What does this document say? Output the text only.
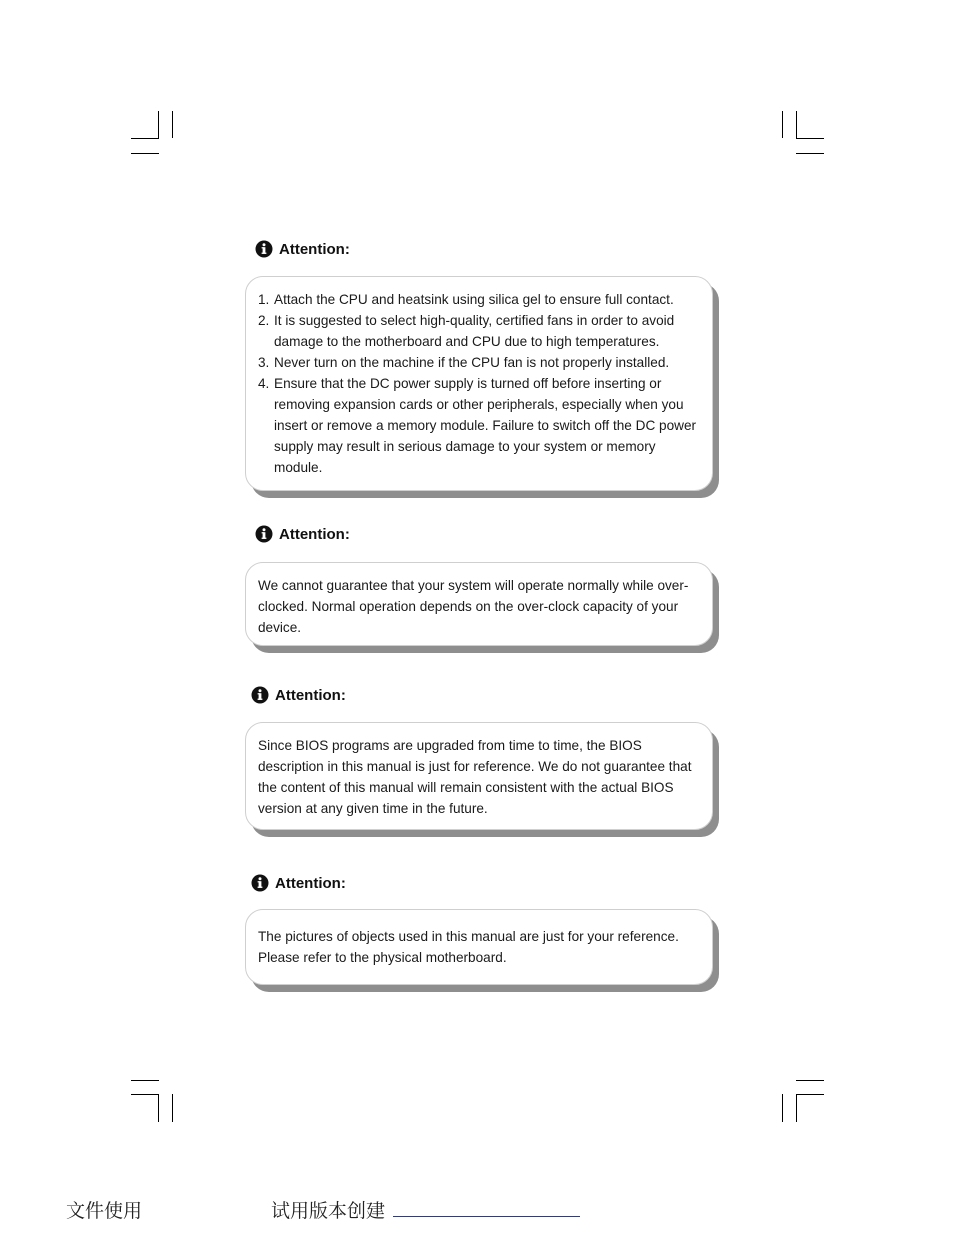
Attention:
1. Attach the CPU and heatsink using silica gel to ensure full contact.
2. It is suggested to select high-quality, certified fans in order to avoid damage to the motherboard and CPU due to high temperatures.
3. Never turn on the machine if the CPU fan is not properly installed.
4. Ensure that the DC power supply is turned off before inserting or removing expansion cards or other peripherals, especially when you insert or remove a memory module. Failure to switch off the DC power supply may result in serious damage to your system or memory module.
Attention:

We cannot guarantee that your system will operate normally while over-clocked. Normal operation depends on the over-clock capacity of your device.

Attention:

Since BIOS programs are upgraded from time to time, the BIOS description in this manual is just for reference. We do not guarantee that the content of this manual will remain consistent with the actual BIOS version at any given time in the future.

Attention:

The pictures of objects used in this manual are just for your reference. Please refer to the physical motherboard.

文件使用	试用版本创建
